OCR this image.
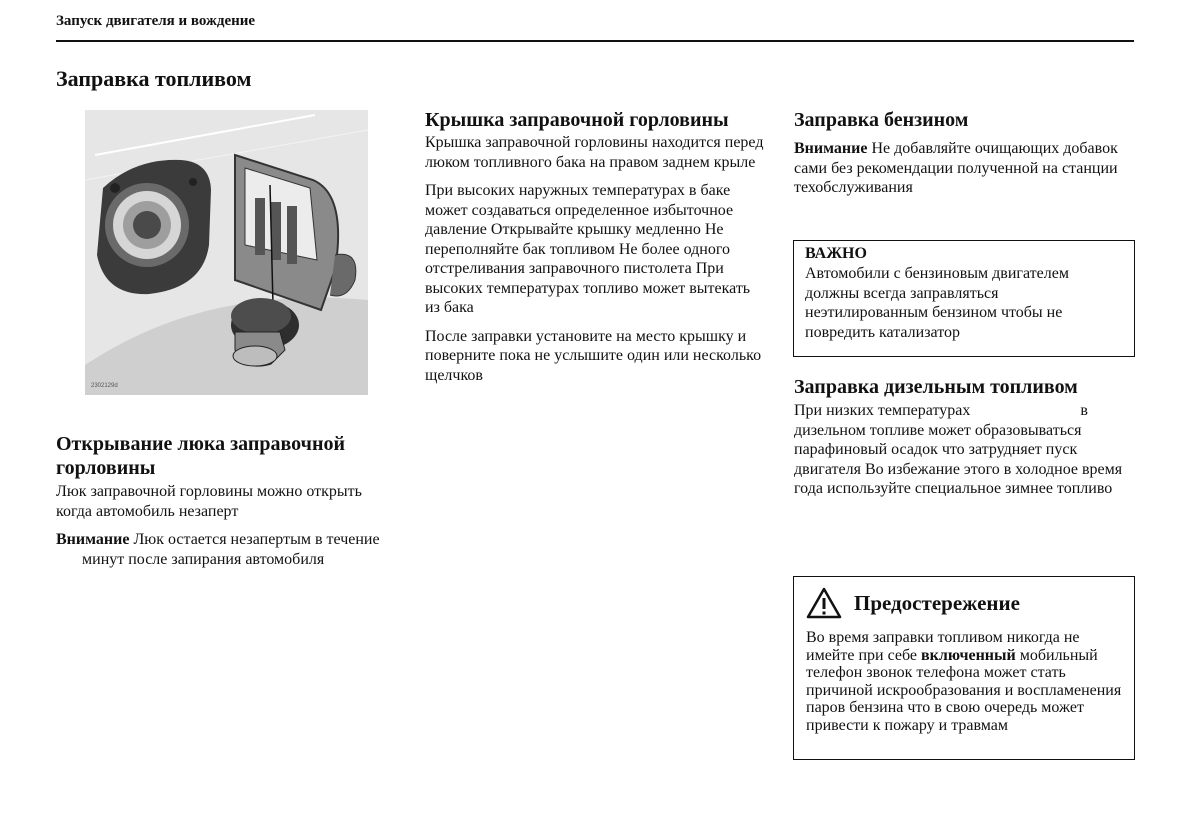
Запуск двигателя и вождение
Заправка топливом
2302129d
Открывание люка заправочной горловины

Люк заправочной горловины можно открыть когда автомобиль незаперт

Внимание Люк остается незапертым в течениеминут после запирания автомобиля

Крышка заправочной горловины

Крышка заправочной горловины находится перед люком топливного бака на правом заднем крыле

При высоких наружных температурах в баке может создаваться определенное избыточное давление Открывайте крышку медленно Не переполняйте бак топливом Не более одногоотстреливания заправочного пистолета При высоких температурах топливо может вытекать из бака

После заправки установите на место крышку и поверните пока не услышите один или несколько щелчков

Заправка бензином

Внимание Не добавляйте очищающих добавок сами без рекомендации полученной на станции техобслуживания

ВАЖНО

Автомобили с бензиновым двигателем должны всегда заправляться неэтилированным бензином чтобы не повредить катализатор

Заправка дизельным топливом

При низких температурах	в дизельном топливе может образовываться парафиновый осадок что затрудняет пуск двигателя Во избежание этого в холодное время года используйте специальное зимнее топливо

Предостережение

Во время заправки топливом никогда не имейте при себе включенный мобильный телефон звонок телефона может стать причиной искрообразования и воспламенения паров бензина что в свою очередь может привести к пожару и травмам
